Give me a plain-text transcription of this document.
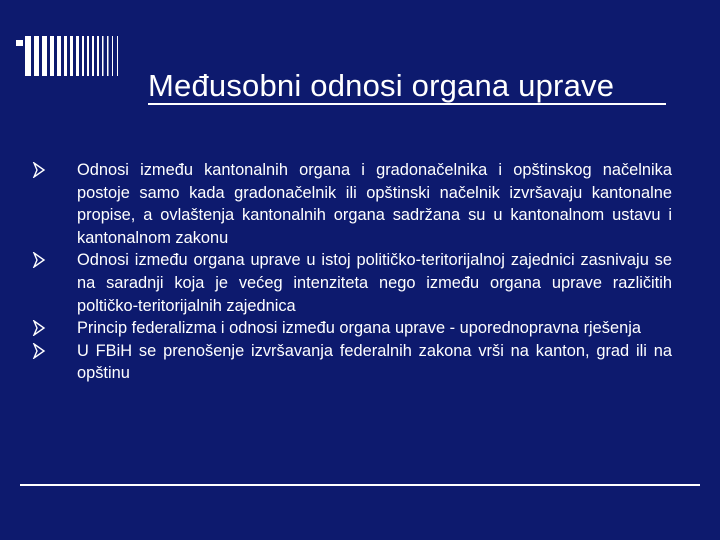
Međusobni odnosi organa uprave
Odnosi između kantonalnih organa i gradonačelnika i opštinskog načelnika postoje samo kada gradonačelnik ili opštinski načelnik izvršavaju kantonalne propise, a ovlaštenja kantonalnih organa sadržana su u kantonalnom ustavu i kantonalnom zakonu
Odnosi između organa uprave u istoj političko-teritorijalnoj zajednici zasnivaju se na saradnji koja je većeg intenziteta nego između organa uprave različitih poltičko-teritorijalnih zajednica
Princip federalizma i odnosi između organa uprave - uporednopravna rješenja
U FBiH se prenošenje izvršavanja federalnih zakona vrši na kanton, grad ili na opštinu
